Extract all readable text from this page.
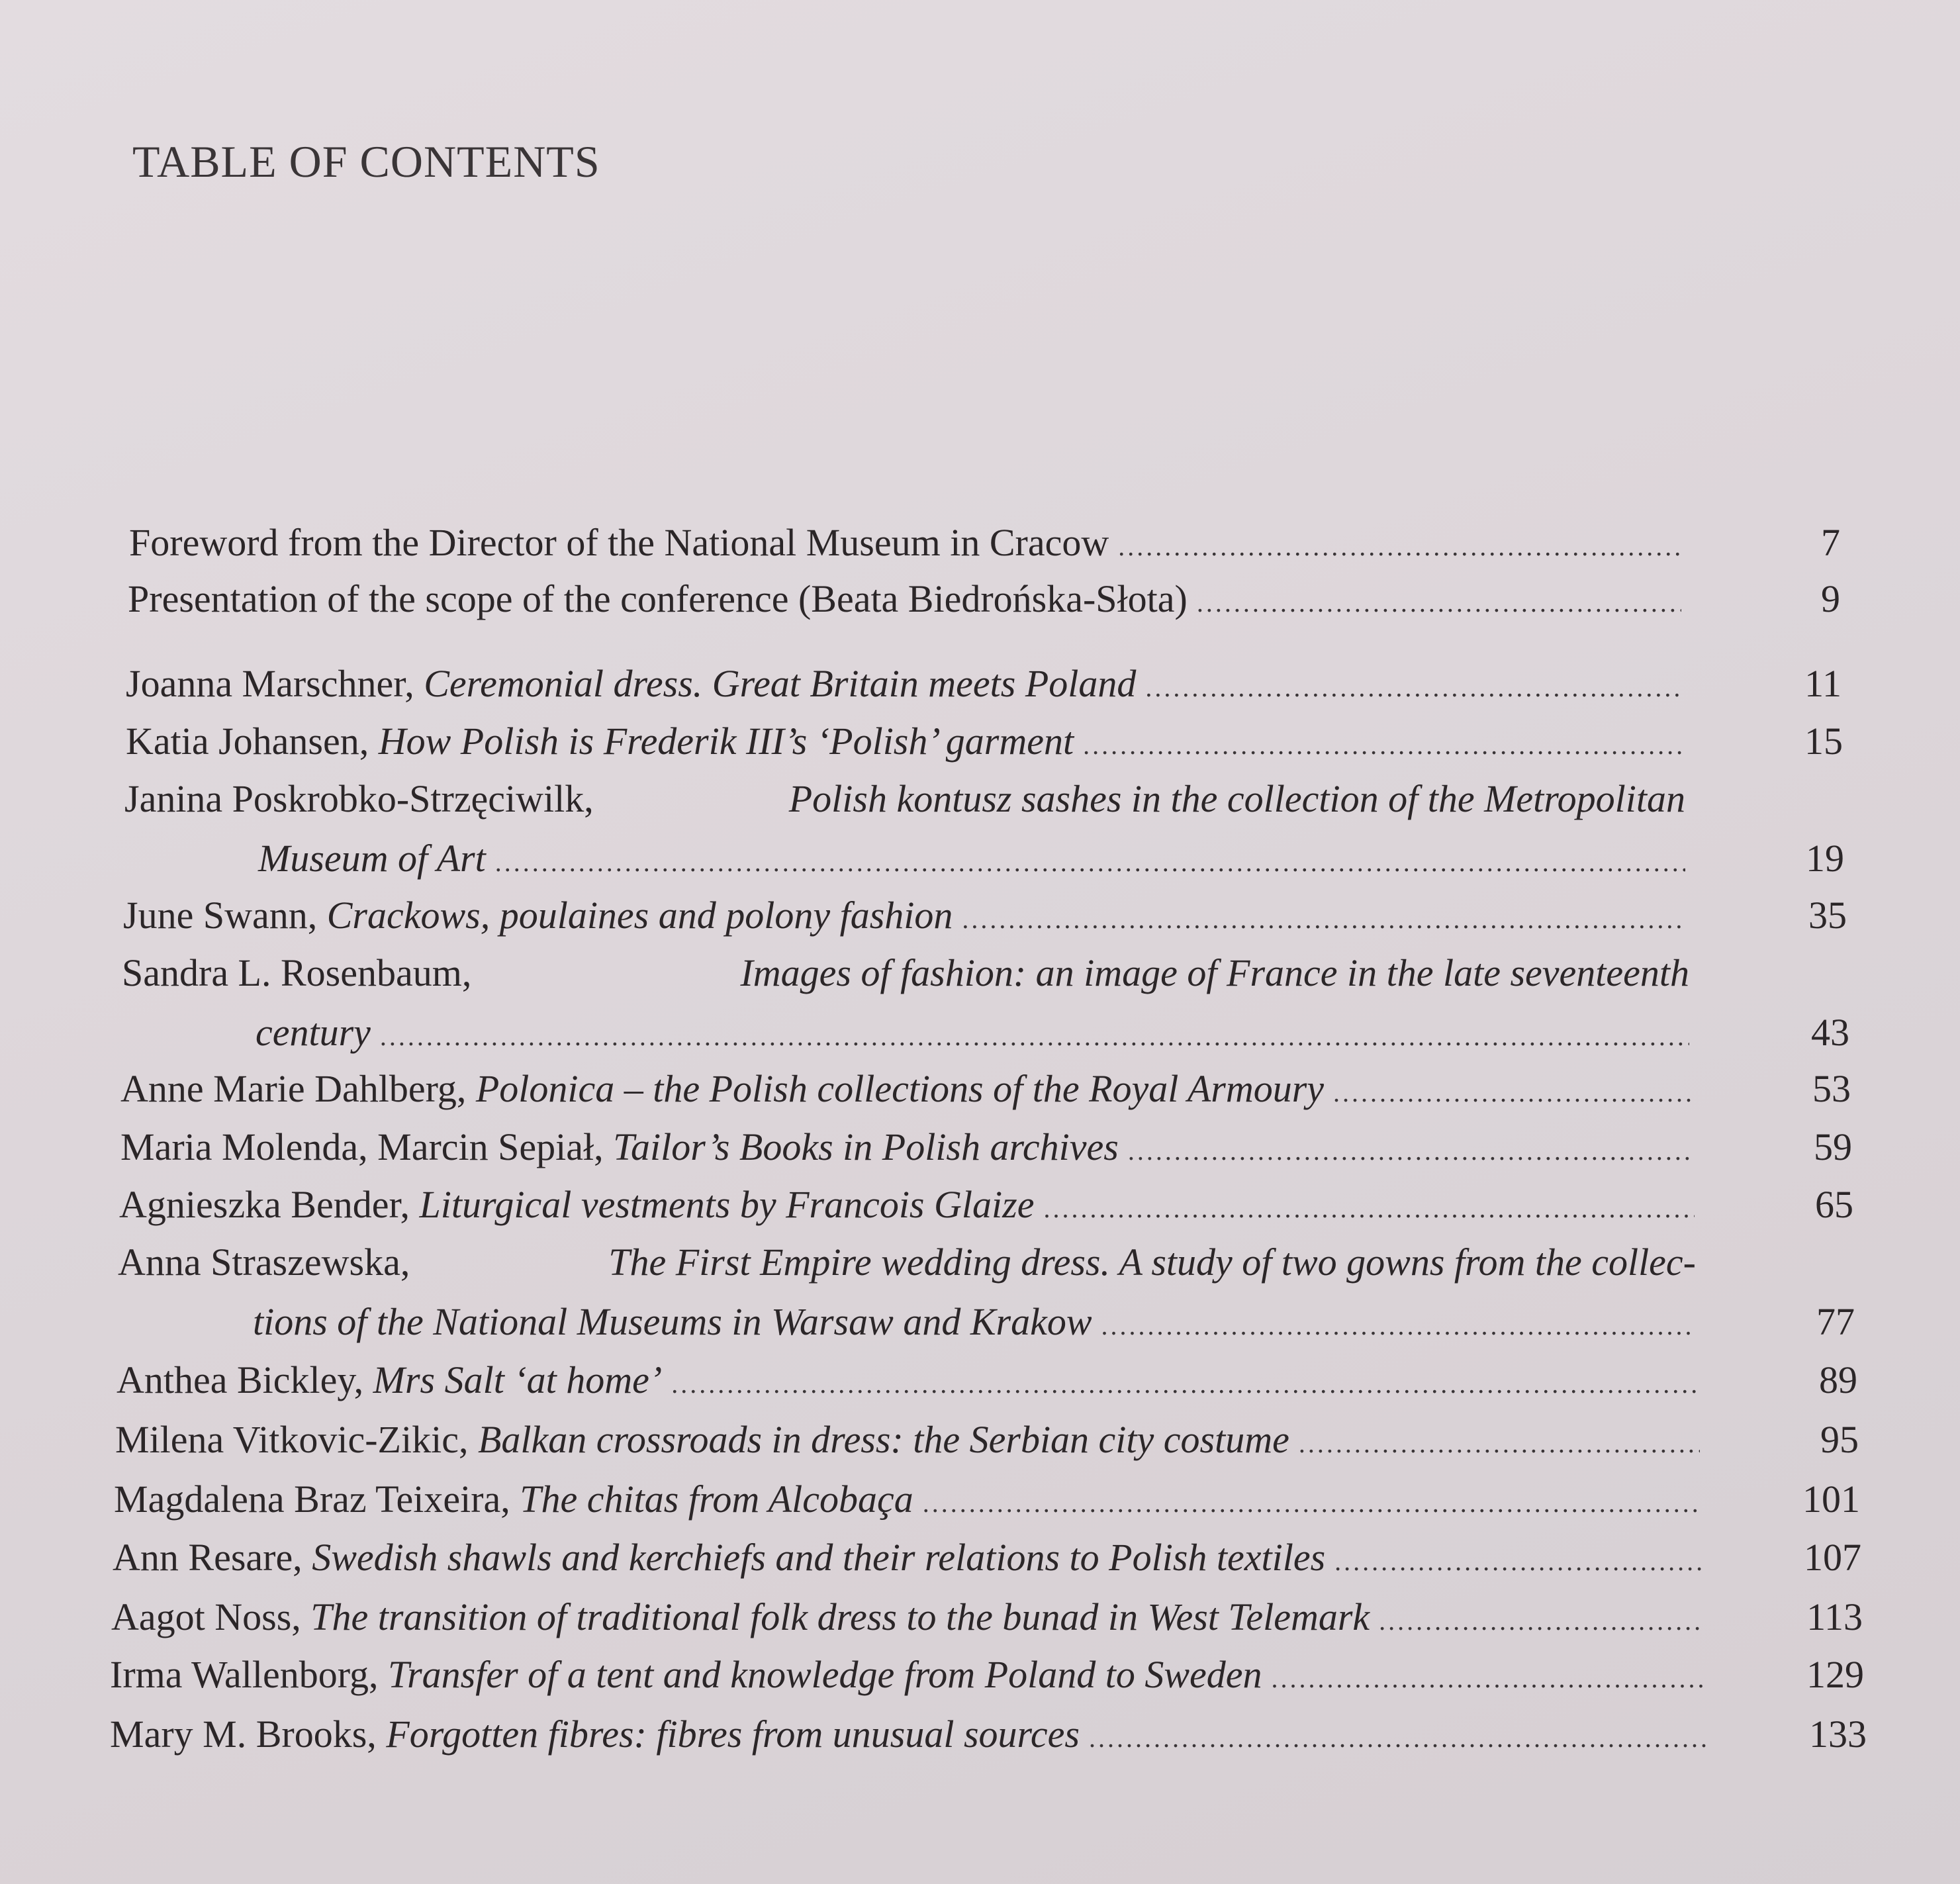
TABLE OF CONTENTS
Foreword from the Director of the National Museum in Cracow .....	7
Presentation of the scope of the conference (Beata Biedrońska-Słota) .....	9
Joanna Marschner,
Ceremonial dress. Great Britain meets Poland .....	11
Katia Johansen,
How Polish is Frederik III’s ‘Polish’ garment .....	15
Janina Poskrobko-Strzęciwilk,
	Polish kontusz sashes in the collection of the Metropolitan
Museum of Art .....	19
June Swann,
Crackows, poulaines and polony fashion .....	35
Sandra L. Rosenbaum,
	Images of fashion: an image of France in the late seventeenth
century .....	43
Anne Marie Dahlberg,
Polonica – the Polish collections of the Royal Armoury .....	53
Maria Molenda, Marcin Sepiał,
Tailor’s Books in Polish archives .....	59
Agnieszka Bender,
Liturgical vestments by Francois Glaize .....	65
Anna Straszewska,
	The First Empire wedding dress. A study of two gowns from the collec-
tions of the National Museums in Warsaw and Krakow .....	77
Anthea Bickley,
Mrs Salt ‘at home’ .....	89
Milena Vitkovic-Zikic,
Balkan crossroads in dress: the Serbian city costume .....	95
Magdalena Braz Teixeira,
The chitas from Alcobaça .....	101
Ann Resare,
Swedish shawls and kerchiefs and their relations to Polish textiles .....	107
Aagot Noss,
The transition of traditional folk dress to the bunad in West Telemark .....	113
Irma Wallenborg,
Transfer of a tent and knowledge from Poland to Sweden .....	129
Mary M. Brooks,
Forgotten fibres: fibres from unusual sources .....	133
